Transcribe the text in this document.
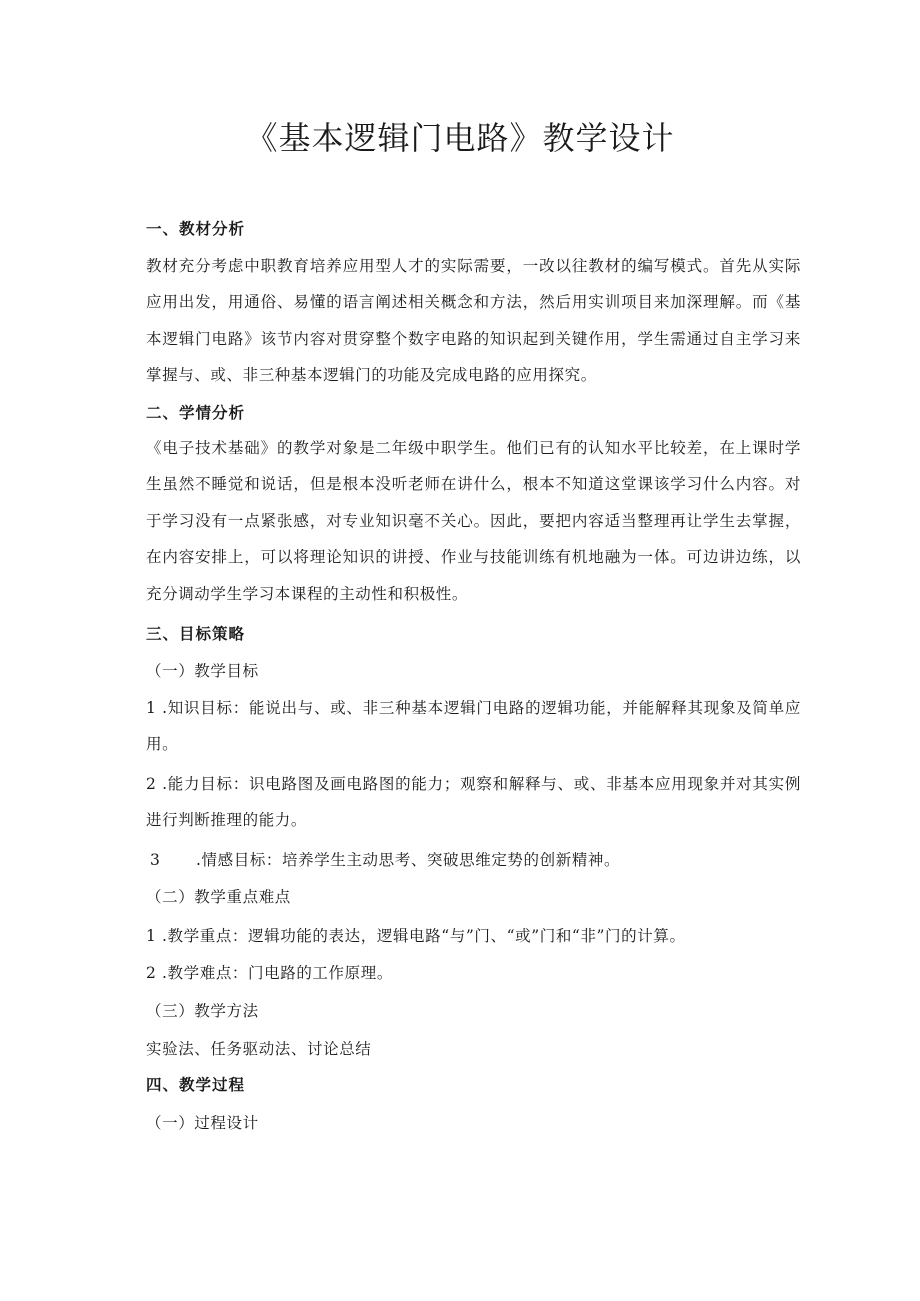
《基本逻辑门电路》教学设计
一、教材分析
教材充分考虑中职教育培养应用型人才的实际需要，一改以往教材的编写模式。首先从实际应用出发，用通俗、易懂的语言阐述相关概念和方法，然后用实训项目来加深理解。而《基本逻辑门电路》该节内容对贯穿整个数字电路的知识起到关键作用，学生需通过自主学习来掌握与、或、非三种基本逻辑门的功能及完成电路的应用探究。
二、学情分析
《电子技术基础》的教学对象是二年级中职学生。他们已有的认知水平比较差，在上课时学生虽然不睡觉和说话，但是根本没听老师在讲什么，根本不知道这堂课该学习什么内容。对于学习没有一点紧张感，对专业知识毫不关心。因此，要把内容适当整理再让学生去掌握，在内容安排上，可以将理论知识的讲授、作业与技能训练有机地融为一体。可边讲边练，以充分调动学生学习本课程的主动性和积极性。
三、目标策略
（一）教学目标
1 .知识目标：能说出与、或、非三种基本逻辑门电路的逻辑功能，并能解释其现象及简单应用。
2 .能力目标：识电路图及画电路图的能力；观察和解释与、或、非基本应用现象并对其实例进行判断推理的能力。
3 .情感目标：培养学生主动思考、突破思维定势的创新精神。
（二）教学重点难点
1 .教学重点：逻辑功能的表达，逻辑电路“与”门、“或”门和“非”门的计算。
2 .教学难点：门电路的工作原理。
（三）教学方法
实验法、任务驱动法、讨论总结
四、教学过程
（一）过程设计
